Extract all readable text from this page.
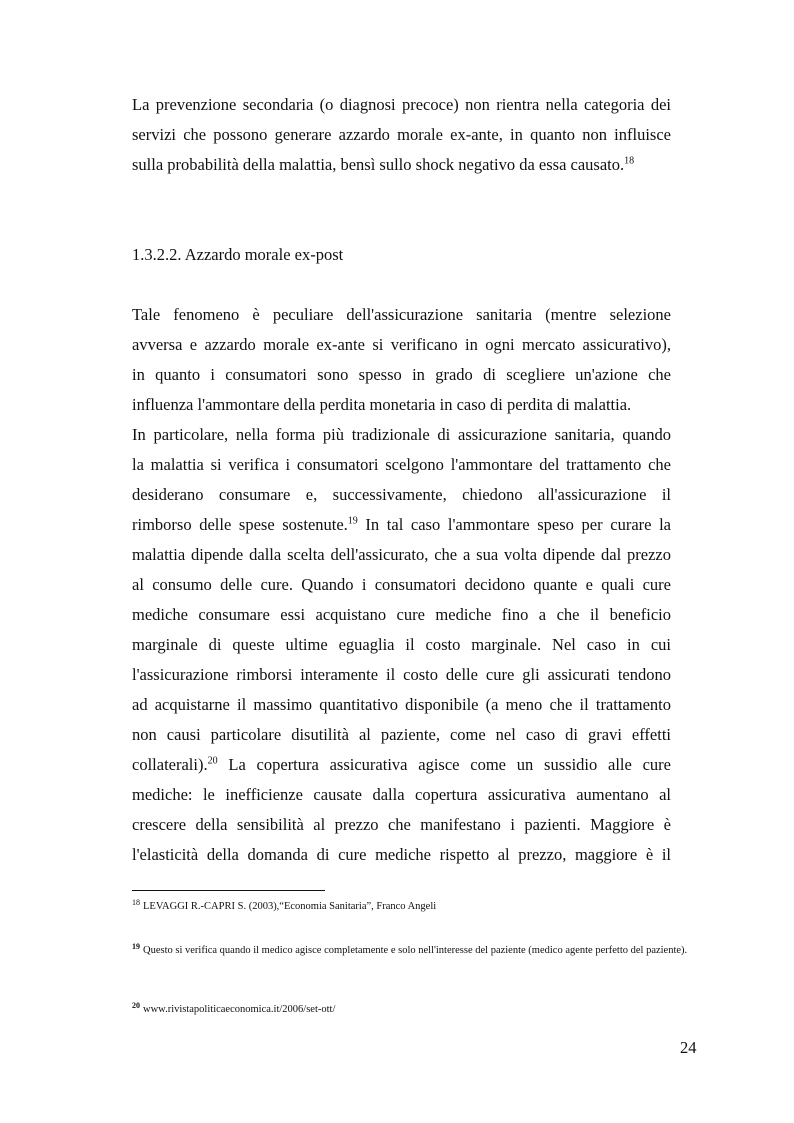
La prevenzione secondaria (o diagnosi precoce) non rientra nella categoria dei
servizi che possono generare azzardo morale ex-ante, in quanto non influisce
sulla probabilità della malattia, bensì sullo shock negativo da essa causato.$^{18}$
1.3.2.2. Azzardo morale ex-post
Tale fenomeno è peculiare dell'assicurazione sanitaria (mentre selezione
avversa e azzardo morale ex-ante si verificano in ogni mercato assicurativo),
in quanto i consumatori sono spesso in grado di scegliere un'azione che
influenza l'ammontare della perdita monetaria in caso di perdita di malattia.
In particolare, nella forma più tradizionale di assicurazione sanitaria, quando
la malattia si verifica i consumatori scelgono l'ammontare del trattamento che
desiderano consumare e, successivamente, chiedono all'assicurazione il
rimborso delle spese sostenute.$^{19}$ In tal caso l'ammontare speso per curare la
malattia dipende dalla scelta dell'assicurato, che a sua volta dipende dal prezzo
al consumo delle cure. Quando i consumatori decidono quante e quali cure
mediche consumare essi acquistano cure mediche fino a che il beneficio
marginale di queste ultime eguaglia il costo marginale. Nel caso in cui
l'assicurazione rimborsi interamente il costo delle cure gli assicurati tendono
ad acquistarne il massimo quantitativo disponibile (a meno che il trattamento
non causi particolare disutilità al paziente, come nel caso di gravi effetti
collaterali).$^{20}$ La copertura assicurativa agisce come un sussidio alle cure
mediche: le inefficienze causate dalla copertura assicurativa aumentano al
crescere della sensibilità al prezzo che manifestano i pazienti. Maggiore è
l'elasticità della domanda di cure mediche rispetto al prezzo, maggiore è il
$^{18}$ LEVAGGI R.-CAPRI S. (2003),“Economia Sanitaria”, Franco Angeli
$^{19}$ Questo si verifica quando il medico agisce completamente e solo nell'interesse del paziente (medico agente perfetto del paziente).
$^{20}$ www.rivistapoliticaeconomica.it/2006/set-ott/
24
